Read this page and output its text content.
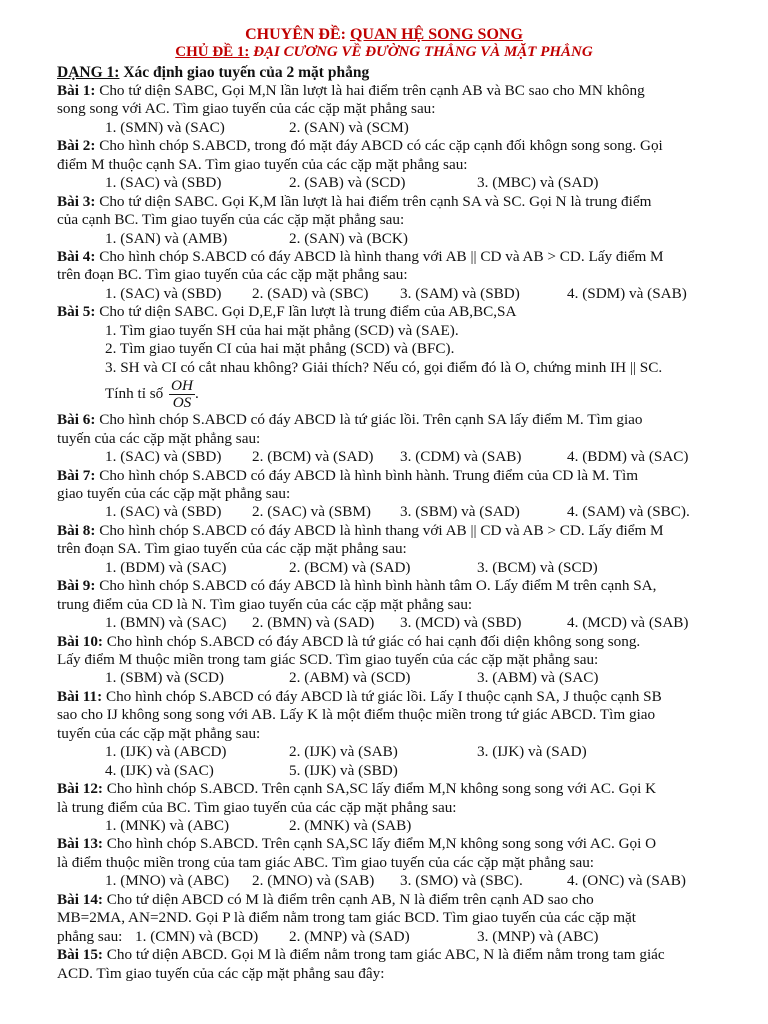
CHUYÊN ĐỀ: QUAN HỆ SONG SONG
CHỦ ĐỀ 1: ĐẠI CƯƠNG VỀ ĐƯỜNG THẲNG VÀ MẶT PHẲNG
DẠNG 1: Xác định giao tuyến của 2 mặt phẳng
Bài 1: Cho tứ diện SABC, Gọi M,N lần lượt là hai điểm trên cạnh AB và BC sao cho MN không
song song với AC. Tìm giao tuyến của các cặp mặt phẳng sau:
1. (SMN) và (SAC)	2. (SAN) và (SCM)
Bài 2: Cho hình chóp S.ABCD, trong đó mặt đáy ABCD có các cặp cạnh đối khôgn song song. Gọi
điểm M thuộc cạnh SA. Tìm giao tuyến của các cặp mặt phẳng sau:
1. (SAC) và (SBD)	2. (SAB) và (SCD)	3. (MBC) và (SAD)
Bài 3: Cho tứ diện SABC. Gọi K,M lần lượt là hai điểm trên cạnh SA và SC. Gọi N là trung điểm
của cạnh BC. Tìm giao tuyến của các cặp mặt phẳng sau:
1. (SAN) và (AMB)	2. (SAN) và (BCK)
Bài 4: Cho hình chóp S.ABCD có đáy ABCD là hình thang với AB || CD và AB > CD. Lấy điểm M
trên đoạn BC. Tìm giao tuyến của các cặp mặt phẳng sau:
1. (SAC) và (SBD) 2. (SAD) và (SBC) 3. (SAM) và (SBD)	4. (SDM) và (SAB)
Bài 5: Cho tứ diện SABC. Gọi D,E,F lần lượt là trung điểm của AB,BC,SA
1. Tìm giao tuyến SH của hai mặt phẳng (SCD) và (SAE).
2. Tìm giao tuyến CI của hai mặt phẳng (SCD) và (BFC).
3. SH và CI có cắt nhau không? Giải thích? Nếu có, gọi điểm đó là O, chứng minh IH || SC.
Tính tỉ số $\frac{OH}{OS}$ .
Bài 6: Cho hình chóp S.ABCD có đáy ABCD là tứ giác lồi. Trên cạnh SA lấy điểm M. Tìm giao
tuyến của các cặp mặt phẳng sau:
1. (SAC) và (SBD) 2. (BCM) và (SAD) 3. (CDM) và (SAB)	4. (BDM) và (SAC)
Bài 7: Cho hình chóp S.ABCD có đáy ABCD là hình bình hành. Trung điểm của CD là M. Tìm
giao tuyến của các cặp mặt phẳng sau:
1. (SAC) và (SBD) 2. (SAC) và (SBM) 3. (SBM) và (SAD)	4. (SAM) và (SBC).
Bài 8: Cho hình chóp S.ABCD có đáy ABCD là hình thang với AB || CD và AB > CD. Lấy điểm M
trên đoạn SA. Tìm giao tuyến của các cặp mặt phẳng sau:
1. (BDM) và (SAC)	2. (BCM) và (SAD)	3. (BCM) và (SCD)
Bài 9: Cho hình chóp S.ABCD có đáy ABCD là hình bình hành tâm O. Lấy điểm M trên cạnh SA,
trung điểm của CD là N. Tìm giao tuyến của các cặp mặt phẳng sau:
1. (BMN) và (SAC) 2. (BMN) và (SAD) 3. (MCD) và (SBD)	4. (MCD) và (SAB)
Bài 10: Cho hình chóp S.ABCD có đáy ABCD là tứ giác có hai cạnh đối diện không song song.
Lấy điểm M thuộc miền trong tam giác SCD. Tìm giao tuyến của các cặp mặt phẳng sau:
1. (SBM) và (SCD)	2. (ABM) và (SCD)	3. (ABM) và (SAC)
Bài 11: Cho hình chóp S.ABCD có đáy ABCD là tứ giác lồi. Lấy I thuộc cạnh SA, J thuộc cạnh SB
sao cho IJ không song song với AB. Lấy K là một điểm thuộc miền trong tứ giác ABCD. Tìm giao
tuyến của các cặp mặt phẳng sau:
1. (IJK) và (ABCD)	2. (IJK) và (SAB)	3. (IJK) và (SAD)
4. (IJK) và (SAC)	5. (IJK) và (SBD)
Bài 12: Cho hình chóp S.ABCD. Trên cạnh SA,SC lấy điểm M,N không song song với AC. Gọi K
là trung điểm của BC. Tìm giao tuyến của các cặp mặt phẳng sau:
1. (MNK) và (ABC)	2. (MNK) và (SAB)
Bài 13: Cho hình chóp S.ABCD. Trên cạnh SA,SC lấy điểm M,N không song song với AC. Gọi O
là điểm thuộc miền trong của tam giác ABC. Tìm giao tuyến của các cặp mặt phẳng sau:
1. (MNO) và (ABC) 2. (MNO) và (SAB) 3. (SMO) và (SBC).	4. (ONC) và (SAB)
Bài 14: Cho tứ diện ABCD có M là điểm trên cạnh AB, N là điểm trên cạnh AD sao cho
MB=2MA, AN=2ND. Gọi P là điểm nằm trong tam giác BCD. Tìm giao tuyến của các cặp mặt
phẳng sau: 1. (CMN) và (BCD) 2. (MNP) và (SAD)	3. (MNP) và (ABC)
Bài 15: Cho tứ diện ABCD. Gọi M là điểm nằm trong tam giác ABC, N là điểm nằm trong tam giác
ACD. Tìm giao tuyến của các cặp mặt phẳng sau đây:
